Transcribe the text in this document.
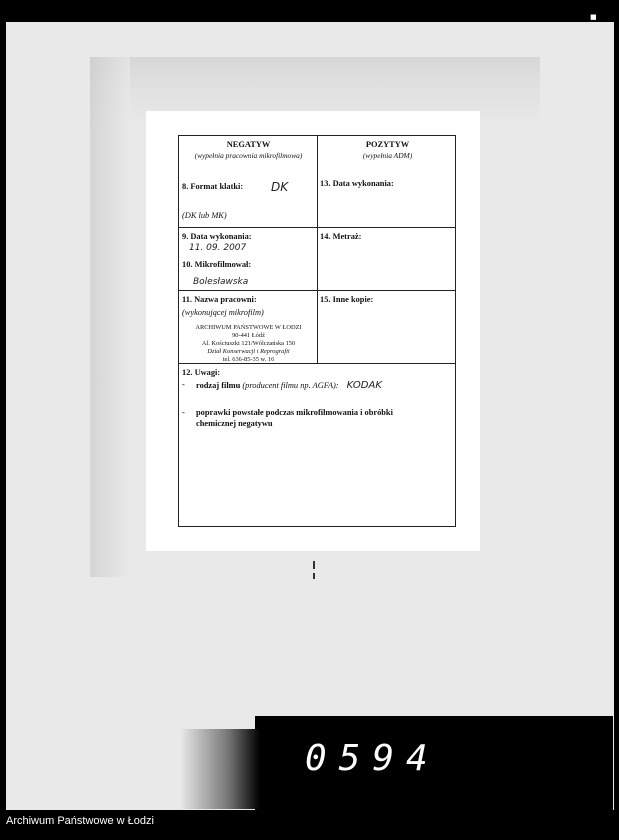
■
NEGATYW
(wypełnia pracownia mikrofilmowa)
POZYTYW
(wypełnia ADM)
8. Format klatki: DK
(DK lub MK)
13. Data wykonania:
9. Data wykonania:
11. 09. 2007
10. Mikrofilmował:
Bolesławska
14. Metraż:
11. Nazwa pracowni:
(wykonującej mikrofilm)
15. Inne kopie:
ARCHIWUM PAŃSTWOWE W ŁODZI
90-441 Łódź
Al. Kościuszki 121/Wólczańska 150
Dział Konserwacji i Reprografii
tel. 636-85-35 w. 16
12. Uwagi:
- rodzaj filmu (producent filmu np. AGFA): KODAK
- poprawki powstałe podczas mikrofilmowania i obróbki
chemicznej negatywu
0594
Archiwum Państwowe w Łodzi
